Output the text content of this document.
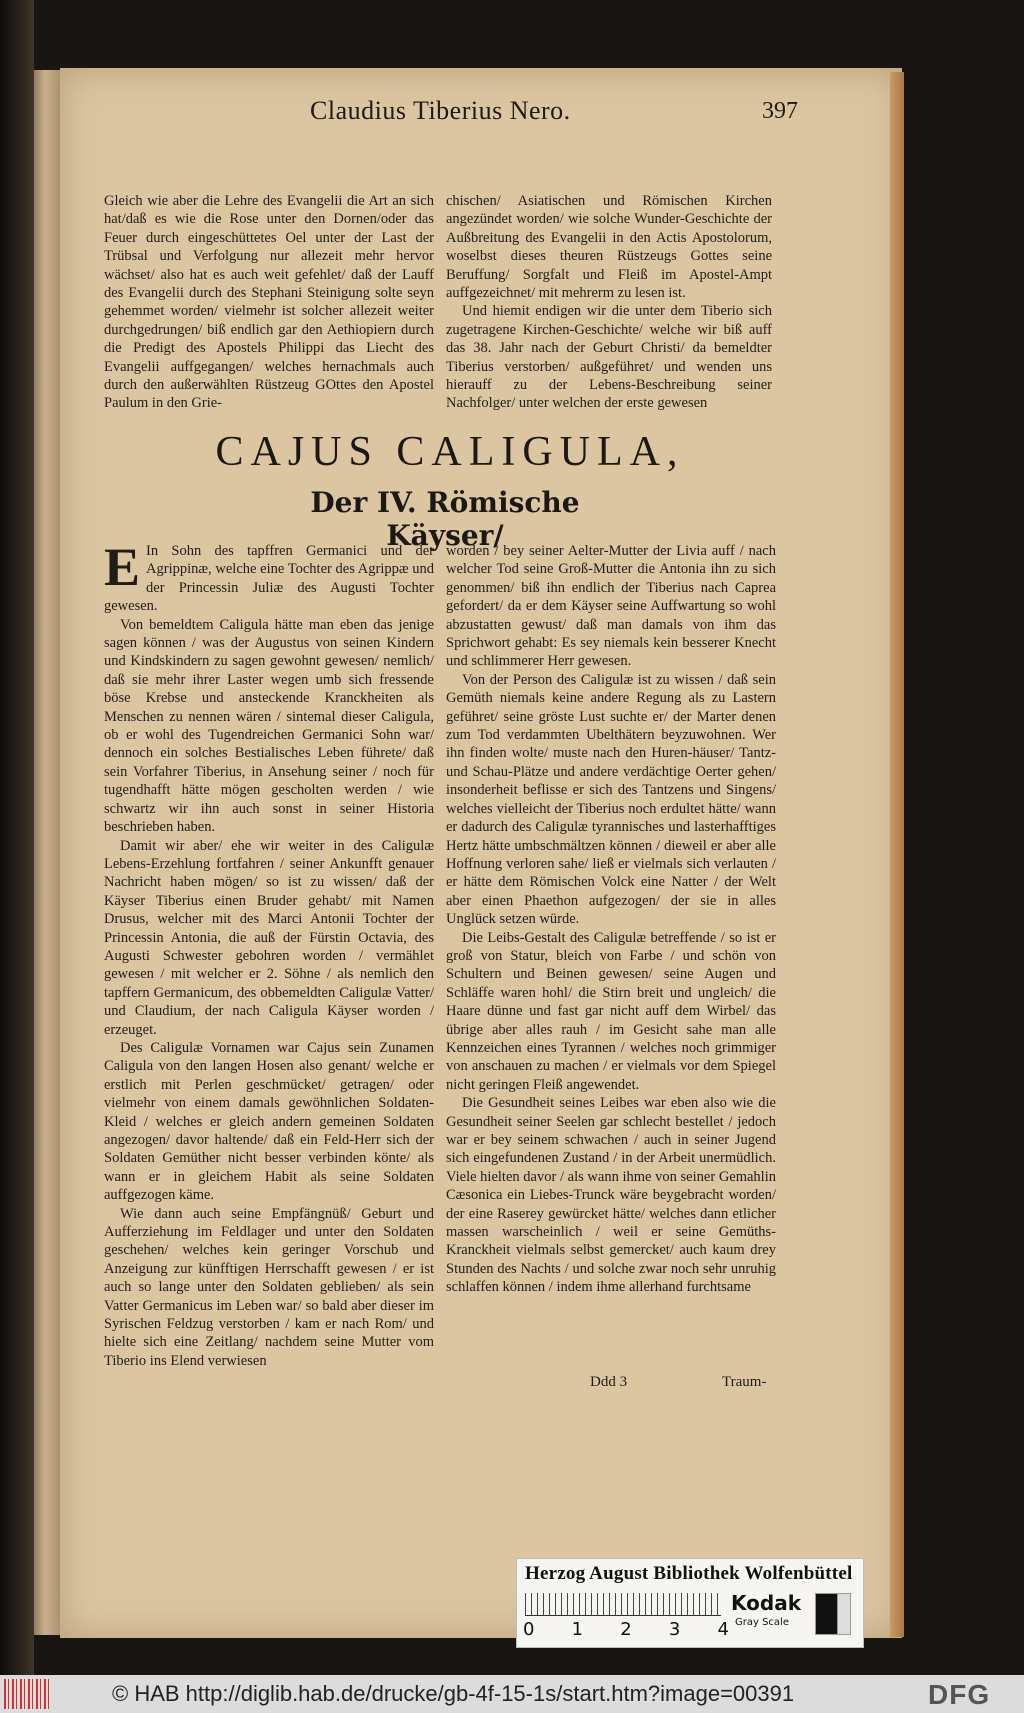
Claudius Tiberius Nero.	397

Gleich wie aber die Lehre des Evangelii die Art an sich hat/daß es wie die Rose unter den Dornen/oder das Feuer durch eingeschüttetes Oel unter der Last der Trübsal und Verfolgung nur allezeit mehr hervor wächset/ also hat es auch weit gefehlet/ daß der Lauff des Evangelii durch des Stephani Steinigung solte seyn gehemmet worden/ vielmehr ist solcher allezeit weiter durchgedrungen/ biß endlich gar den Aethiopiern durch die Predigt des Apostels Philippi das Liecht des Evangelii auffgegangen/ welches hernachmals auch durch den außerwählten Rüstzeug GOttes den Apostel Paulum in den Grie-

chischen/ Asiatischen und Römischen Kirchen angezündet worden/ wie solche Wunder-Geschichte der Außbreitung des Evangelii in den Actis Apostolorum, woselbst dieses theuren Rüstzeugs Gottes seine Beruffung/ Sorgfalt und Fleiß im Apostel-Ampt auffgezeichnet/ mit mehrerm zu lesen ist.

Und hiemit endigen wir die unter dem Tiberio sich zugetragene Kirchen-Geschichte/ welche wir biß auff das 38. Jahr nach der Geburt Christi/ da bemeldter Tiberius verstorben/ außgeführet/ und wenden uns hierauff zu der Lebens-Beschreibung seiner Nachfolger/ unter welchen der erste gewesen

CAJUS CALIGULA,
Der IV. Römische Käyser/

E In Sohn des tapffren Germanici und der Agrippinæ, welche eine Tochter des Agrippæ und der Princessin Juliæ des Augusti Tochter gewesen.

Von bemeldtem Caligula hätte man eben das jenige sagen können / was der Augustus von seinen Kindern und Kindskindern zu sagen gewohnt gewesen/ nemlich/ daß sie mehr ihrer Laster wegen umb sich fressende böse Krebse und ansteckende Kranckheiten als Menschen zu nennen wären / sintemal dieser Caligula, ob er wohl des Tugendreichen Germanici Sohn war/ dennoch ein solches Bestialisches Leben führete/ daß sein Vorfahrer Tiberius, in Ansehung seiner / noch für tugendhafft hätte mögen gescholten werden / wie schwartz wir ihn auch sonst in seiner Historia beschrieben haben.

Damit wir aber/ ehe wir weiter in des Caligulæ Lebens-Erzehlung fortfahren / seiner Ankunfft genauer Nachricht haben mögen/ so ist zu wissen/ daß der Käyser Tiberius einen Bruder gehabt/ mit Namen Drusus, welcher mit des Marci Antonii Tochter der Princessin Antonia, die auß der Fürstin Octavia, des Augusti Schwester gebohren worden / vermählet gewesen / mit welcher er 2. Söhne / als nemlich den tapffern Germanicum, des obbemeldten Caligulæ Vatter/ und Claudium, der nach Caligula Käyser worden / erzeuget.

Des Caligulæ Vornamen war Cajus sein Zunamen Caligula von den langen Hosen also genant/ welche er erstlich mit Perlen geschmücket/ getragen/ oder vielmehr von einem damals gewöhnlichen Soldaten-Kleid / welches er gleich andern gemeinen Soldaten angezogen/ davor haltende/ daß ein Feld-Herr sich der Soldaten Gemüther nicht besser verbinden könte/ als wann er in gleichem Habit als seine Soldaten auffgezogen käme.

Wie dann auch seine Empfängnüß/ Geburt und Aufferziehung im Feldlager und unter den Soldaten geschehen/ welches kein geringer Vorschub und Anzeigung zur künfftigen Herrschafft gewesen / er ist auch so lange unter den Soldaten geblieben/ als sein Vatter Germanicus im Leben war/ so bald aber dieser im Syrischen Feldzug verstorben / kam er nach Rom/ und hielte sich eine Zeitlang/ nachdem seine Mutter vom Tiberio ins Elend verwiesen

worden / bey seiner Aelter-Mutter der Livia auff / nach welcher Tod seine Groß-Mutter die Antonia ihn zu sich genommen/ biß ihn endlich der Tiberius nach Caprea gefordert/ da er dem Käyser seine Auffwartung so wohl abzustatten gewust/ daß man damals von ihm das Sprichwort gehabt: Es sey niemals kein besserer Knecht und schlimmerer Herr gewesen.

Von der Person des Caligulæ ist zu wissen / daß sein Gemüth niemals keine andere Regung als zu Lastern geführet/ seine gröste Lust suchte er/ der Marter denen zum Tod verdammten Ubelthätern beyzuwohnen. Wer ihn finden wolte/ muste nach den Huren-häuser/ Tantz- und Schau-Plätze und andere verdächtige Oerter gehen/ insonderheit beflisse er sich des Tantzens und Singens/ welches vielleicht der Tiberius noch erdultet hätte/ wann er dadurch des Caligulæ tyrannisches und lasterhafftiges Hertz hätte umbschmältzen können / dieweil er aber alle Hoffnung verloren sahe/ ließ er vielmals sich verlauten / er hätte dem Römischen Volck eine Natter / der Welt aber einen Phaethon aufgezogen/ der sie in alles Unglück setzen würde.

Die Leibs-Gestalt des Caligulæ betreffende / so ist er groß von Statur, bleich von Farbe / und schön von Schultern und Beinen gewesen/ seine Augen und Schläffe waren hohl/ die Stirn breit und ungleich/ die Haare dünne und fast gar nicht auff dem Wirbel/ das übrige aber alles rauh / im Gesicht sahe man alle Kennzeichen eines Tyrannen / welches noch grimmiger von anschauen zu machen / er vielmals vor dem Spiegel nicht geringen Fleiß angewendet.

Die Gesundheit seines Leibes war eben also wie die Gesundheit seiner Seelen gar schlecht bestellet / jedoch war er bey seinem schwachen / auch in seiner Jugend sich eingefundenen Zustand / in der Arbeit unermüdlich. Viele hielten davor / als wann ihme von seiner Gemahlin Cæsonica ein Liebes-Trunck wäre beygebracht worden/ der eine Raserey gewürcket hätte/ welches dann etlicher massen warscheinlich / weil er seine Gemüths-Kranckheit vielmals selbst gemercket/ auch kaum drey Stunden des Nachts / und solche zwar noch sehr unruhig schlaffen können / indem ihme allerhand furchtsame

Ddd 3	Traum-
Herzog August Bibliothek Wolfenbüttel
0 1 2 3 4
Kodak
Gray Scale
© HAB http://diglib.hab.de/drucke/gb-4f-15-1s/start.htm?image=00391	DFG
